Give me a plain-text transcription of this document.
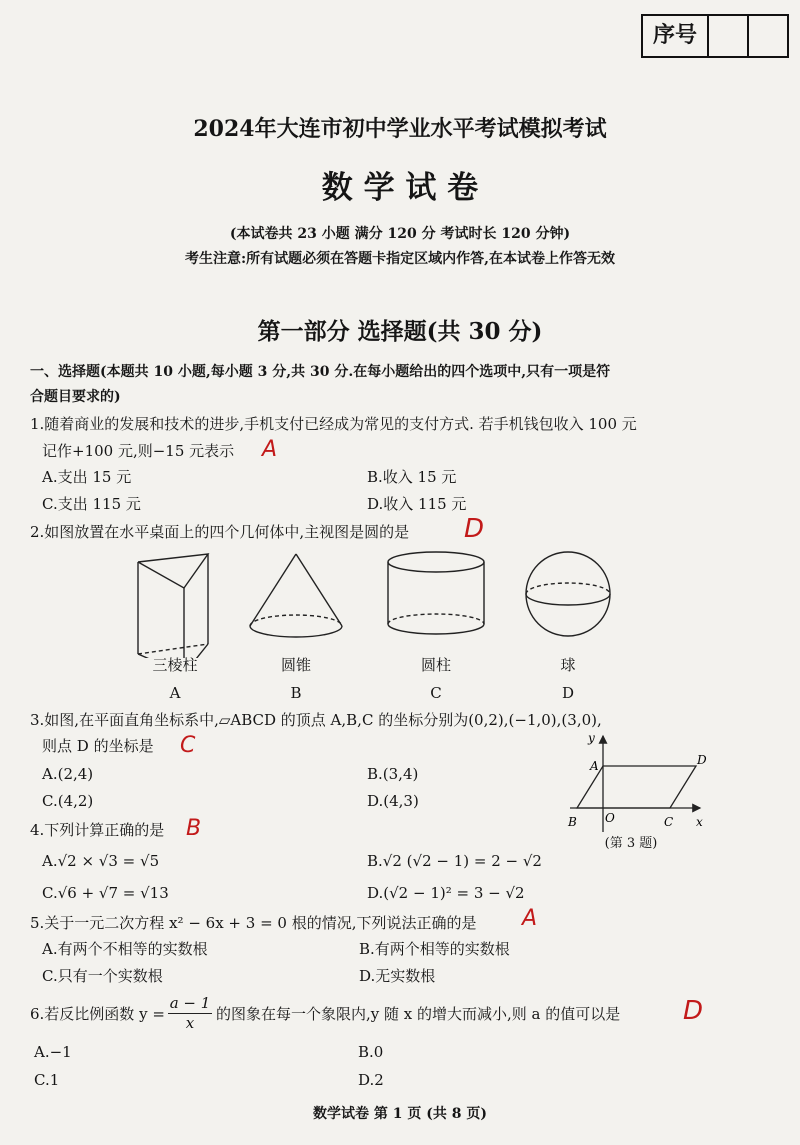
序号
2024年大连市初中学业水平考试模拟考试
数 学 试 卷
(本试卷共 23 小题 满分 120 分 考试时长 120 分钟)
考生注意:所有试题必须在答题卡指定区域内作答,在本试卷上作答无效
第一部分 选择题(共 30 分)
一、选择题(本题共 10 小题,每小题 3 分,共 30 分.在每小题给出的四个选项中,只有一项是符
合题目要求的)
1.随着商业的发展和技术的进步,手机支付已经成为常见的支付方式. 若手机钱包收入 100 元
记作+100 元,则−15 元表示 A
A.支出 15 元	B.收入 15 元
C.支出 115 元	D.收入 115 元
2.如图放置在水平桌面上的四个几何体中,主视图是圆的是 D
三棱柱	圆锥	圆柱	球
A	B	C	D
3.如图,在平面直角坐标系中,▱ABCD 的顶点 A,B,C 的坐标分别为(0,2),(−1,0),(3,0),
则点 D 的坐标是 C
A.(2,4)	B.(3,4)
C.(4,2)	D.(4,3)
y
x
A	D
B O	C
(第 3 题)
4.下列计算正确的是 B
A.√2 × √3 = √5	B.√2 (√2 − 1) = 2 − √2
C.√6 + √7 = √13	D.(√2 − 1)² = 3 − √2
5.关于一元二次方程 x² − 6x + 3 = 0 根的情况,下列说法正确的是 A
A.有两个不相等的实数根	B.有两个相等的实数根
C.只有一个实数根	D.无实数根
6.若反比例函数 $y = \frac{a - 1}{x}$ 的图象在每一个象限内,y 随 x 的增大而减小,则 a 的值可以是 D
A.−1	B.0
C.1	D.2
数学试卷 第 1 页 (共 8 页)
